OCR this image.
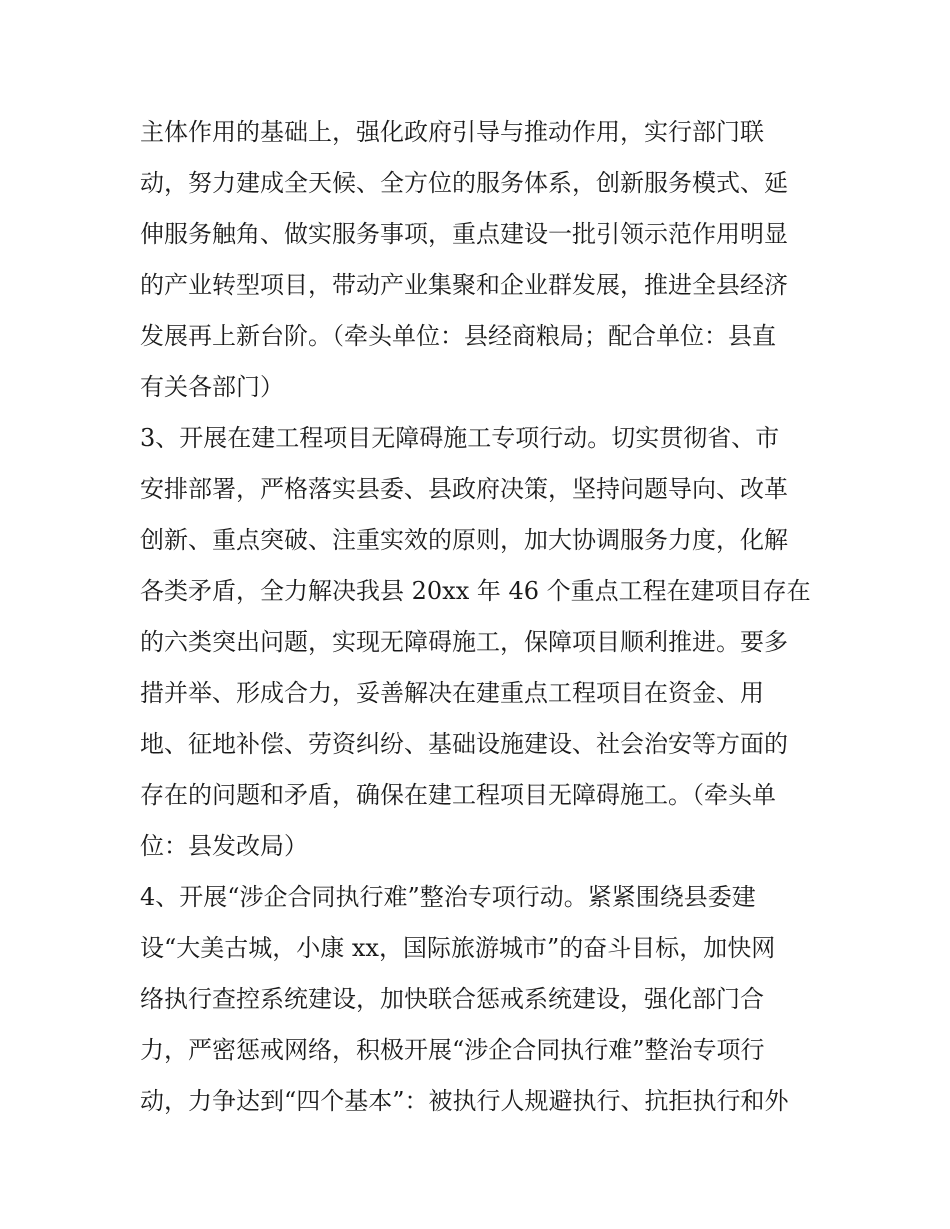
主体作用的基础上，强化政府引导与推动作用，实行部门联
动，努力建成全天候、全方位的服务体系，创新服务模式、延
伸服务触角、做实服务事项，重点建设一批引领示范作用明显
的产业转型项目，带动产业集聚和企业群发展，推进全县经济
发展再上新台阶。（牵头单位：县经商粮局；配合单位：县直
有关各部门）
3、开展在建工程项目无障碍施工专项行动。切实贯彻省、市
安排部署，严格落实县委、县政府决策，坚持问题导向、改革
创新、重点突破、注重实效的原则，加大协调服务力度，化解
各类矛盾，全力解决我县 20xx 年 46 个重点工程在建项目存在
的六类突出问题，实现无障碍施工，保障项目顺利推进。要多
措并举、形成合力，妥善解决在建重点工程项目在资金、用
地、征地补偿、劳资纠纷、基础设施建设、社会治安等方面的
存在的问题和矛盾，确保在建工程项目无障碍施工。（牵头单
位：县发改局）
4、开展“涉企合同执行难”整治专项行动。紧紧围绕县委建
设“大美古城，小康 xx，国际旅游城市”的奋斗目标，加快网
络执行查控系统建设，加快联合惩戒系统建设，强化部门合
力，严密惩戒网络，积极开展“涉企合同执行难”整治专项行
动，力争达到“四个基本”：被执行人规避执行、抗拒执行和外
